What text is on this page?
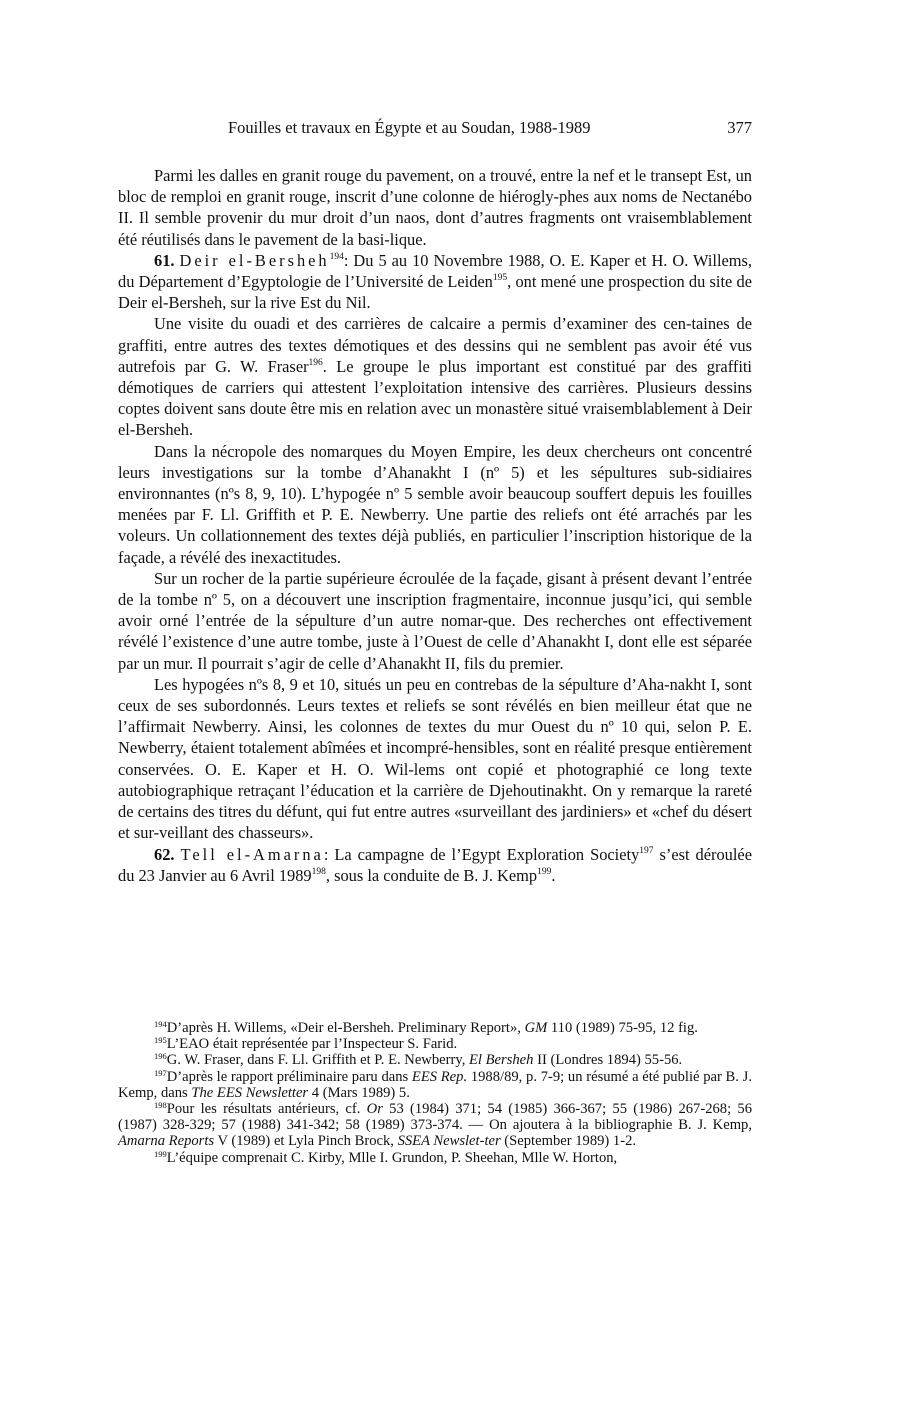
Fouilles et travaux en Égypte et au Soudan, 1988-1989	377

Parmi les dalles en granit rouge du pavement, on a trouvé, entre la nef et le transept Est, un bloc de remploi en granit rouge, inscrit d’une colonne de hiérogly-phes aux noms de Nectanébo II. Il semble provenir du mur droit d’un naos, dont d’autres fragments ont vraisemblablement été réutilisés dans le pavement de la basi-lique.

61. Deir el-Bersheh$^{194}$: Du 5 au 10 Novembre 1988, O. E. Kaper et H. O. Willems, du Département d’Egyptologie de l’Université de Leiden$^{195}$, ont mené une prospection du site de Deir el-Bersheh, sur la rive Est du Nil.

Une visite du ouadi et des carrières de calcaire a permis d’examiner des cen-taines de graffiti, entre autres des textes démotiques et des dessins qui ne semblent pas avoir été vus autrefois par G. W. Fraser$^{196}$. Le groupe le plus important est constitué par des graffiti démotiques de carriers qui attestent l’exploitation intensive des carrières. Plusieurs dessins coptes doivent sans doute être mis en relation avec un monastère situé vraisemblablement à Deir el-Bersheh.

Dans la nécropole des nomarques du Moyen Empire, les deux chercheurs ont concentré leurs investigations sur la tombe d’Ahanakht I (nº 5) et les sépultures sub-sidiaires environnantes (nºs 8, 9, 10). L’hypogée nº 5 semble avoir beaucoup souffert depuis les fouilles menées par F. Ll. Griffith et P. E. Newberry. Une partie des reliefs ont été arrachés par les voleurs. Un collationnement des textes déjà publiés, en particulier l’inscription historique de la façade, a révélé des inexactitudes.

Sur un rocher de la partie supérieure écroulée de la façade, gisant à présent devant l’entrée de la tombe nº 5, on a découvert une inscription fragmentaire, inconnue jusqu’ici, qui semble avoir orné l’entrée de la sépulture d’un autre nomar-que. Des recherches ont effectivement révélé l’existence d’une autre tombe, juste à l’Ouest de celle d’Ahanakht I, dont elle est séparée par un mur. Il pourrait s’agir de celle d’Ahanakht II, fils du premier.

Les hypogées nºs 8, 9 et 10, situés un peu en contrebas de la sépulture d’Aha-nakht I, sont ceux de ses subordonnés. Leurs textes et reliefs se sont révélés en bien meilleur état que ne l’affirmait Newberry. Ainsi, les colonnes de textes du mur Ouest du nº 10 qui, selon P. E. Newberry, étaient totalement abîmées et incompré-hensibles, sont en réalité presque entièrement conservées. O. E. Kaper et H. O. Wil-lems ont copié et photographié ce long texte autobiographique retraçant l’éducation et la carrière de Djehoutinakht. On y remarque la rareté de certains des titres du défunt, qui fut entre autres «surveillant des jardiniers» et «chef du désert et sur-veillant des chasseurs».

62. Tell el-Amarna: La campagne de l’Egypt Exploration Society$^{197}$ s’est déroulée du 23 Janvier au 6 Avril 1989$^{198}$, sous la conduite de B. J. Kemp$^{199}$.

$^{194}$D’après H. Willems, «Deir el-Bersheh. Preliminary Report», GM 110 (1989) 75-95, 12 fig.

$^{195}$L’EAO était représentée par l’Inspecteur S. Farid.

$^{196}$G. W. Fraser, dans F. Ll. Griffith et P. E. Newberry, El Bersheh II (Londres 1894) 55-56.

$^{197}$D’après le rapport préliminaire paru dans EES Rep. 1988/89, p. 7-9; un résumé a été publié par B. J. Kemp, dans The EES Newsletter 4 (Mars 1989) 5.

$^{198}$Pour les résultats antérieurs, cf. Or 53 (1984) 371; 54 (1985) 366-367; 55 (1986) 267-268; 56 (1987) 328-329; 57 (1988) 341-342; 58 (1989) 373-374. — On ajoutera à la bibliographie B. J. Kemp, Amarna Reports V (1989) et Lyla Pinch Brock, SSEA Newslet-ter (September 1989) 1-2.

$^{199}$L’équipe comprenait C. Kirby, Mlle I. Grundon, P. Sheehan, Mlle W. Horton,
